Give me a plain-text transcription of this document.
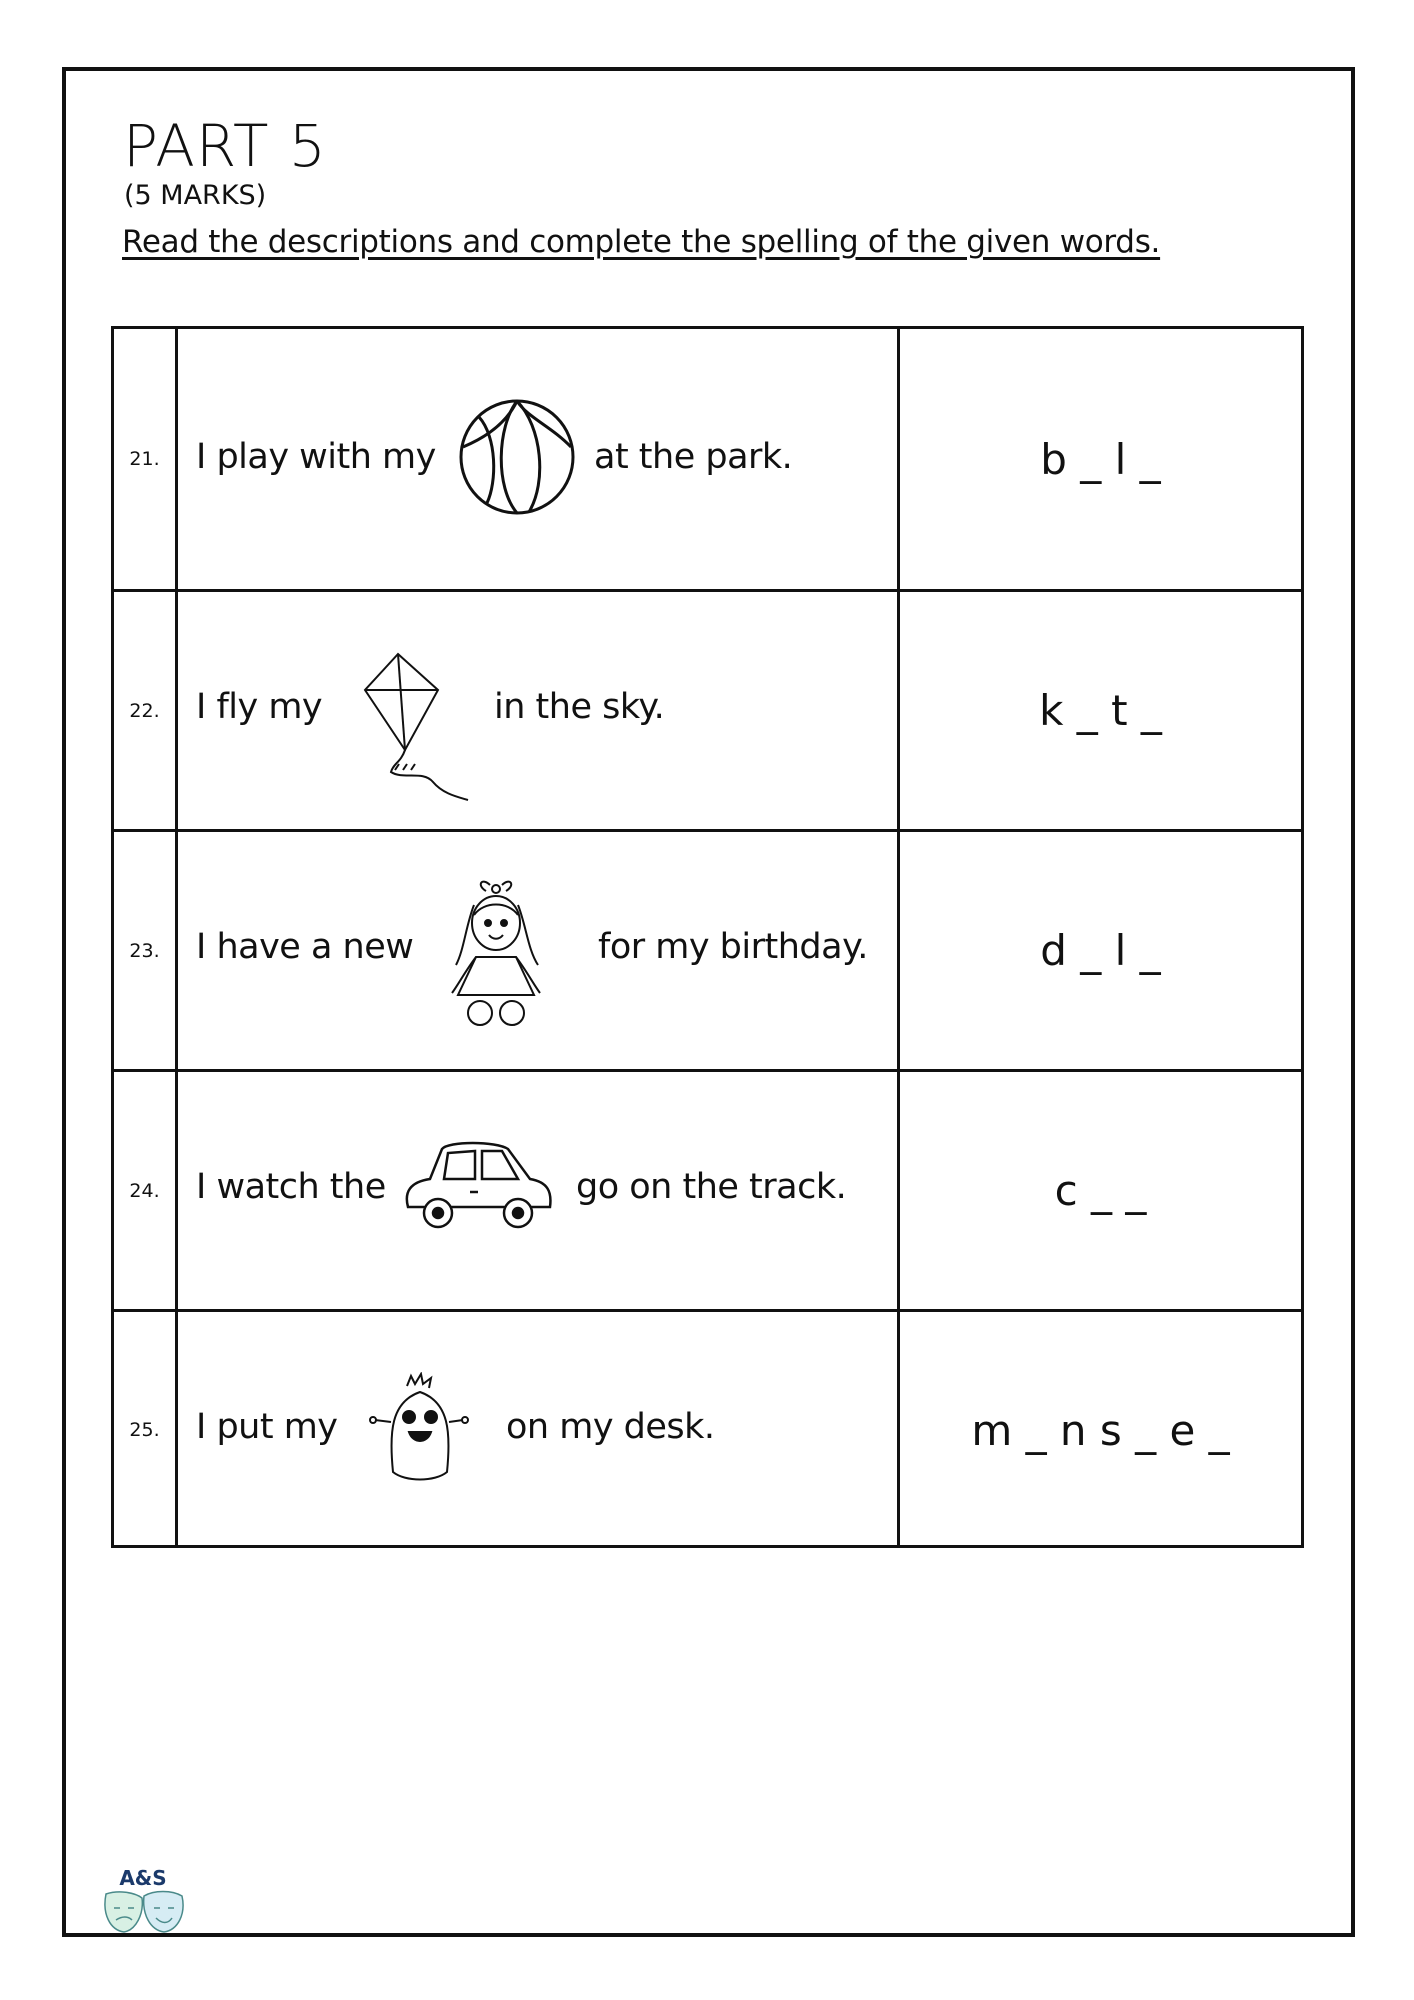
PART 5
(5 MARKS)
Read the descriptions and complete the spelling of the given words.
21.	I play with my	at the park.	b _ l _
22.	I fly my	in the sky.	k _ t _
23.	I have a new	for my birthday.	d _ l _
24.	I watch the	go on the track.	c _ _
25.	I put my	on my desk.	m _ n s _ e _
A&S
